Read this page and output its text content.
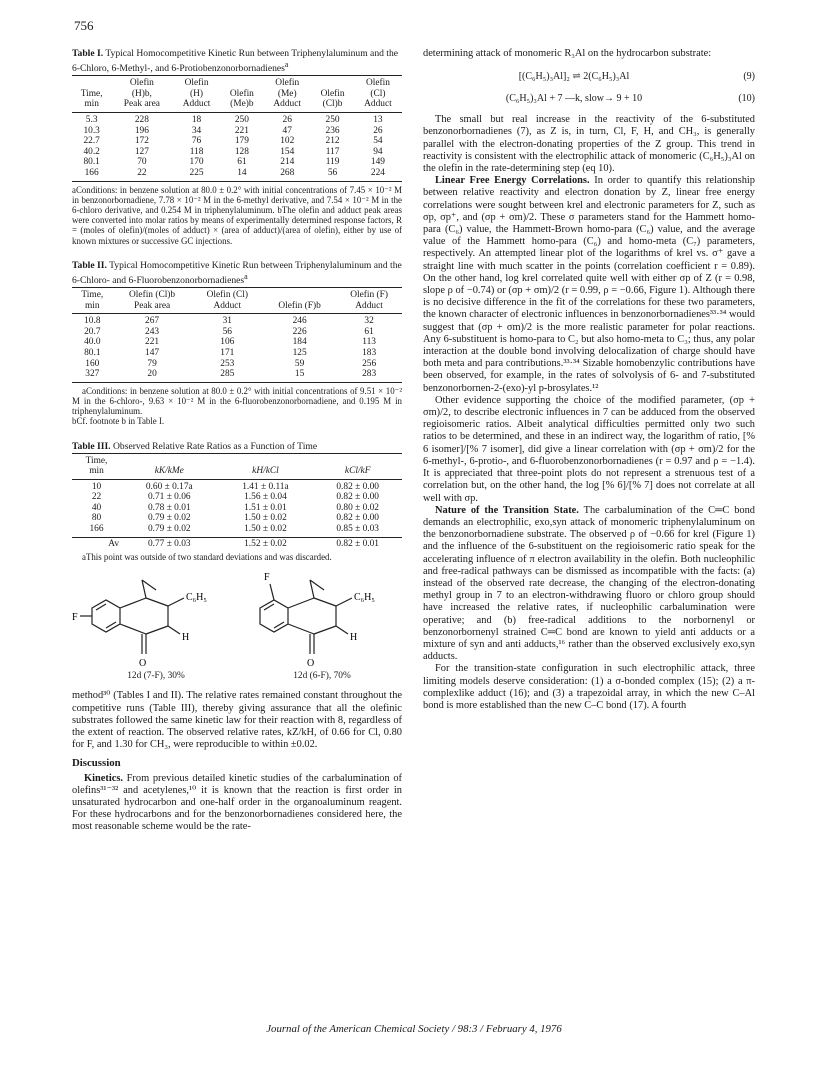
756
Table I. Typical Homocompetitive Kinetic Run between Triphenylaluminum and the 6-Chloro, 6-Methyl-, and 6-Protiobenzonorbornadienes$^a$
	Olefin	Olefin		Olefin		Olefin
Time,	(H)b,	(H)	Olefin	(Me)	Olefin	(Cl)
min	Peak area	Adduct	(Me)b	Adduct	(Cl)b	Adduct
5.3	228	18	250	26	250	13
10.3	196	34	221	47	236	26
22.7	172	76	179	102	212	54
40.2	127	118	128	154	117	94
80.1	70	170	61	214	119	149
166	22	225	14	268	56	224
aConditions: in benzene solution at 80.0 ± 0.2° with initial concentrations of 7.45 × 10⁻² M in benzonorbornadiene, 7.78 × 10⁻² M in the 6-methyl derivative, and 7.54 × 10⁻² M in the 6-chloro derivative, and 0.254 M in triphenylaluminum. bThe olefin and adduct peak areas were converted into molar ratios by means of experimentally determined response factors, R = (moles of olefin)/(moles of adduct) × (area of adduct)/(area of olefin), either by use of known mixtures or successive GC injections.
Table II. Typical Homocompetitive Kinetic Run between Triphenylaluminum and the 6-Chloro- and 6-Fluorobenzonorbornadienes$^a$
Time,	Olefin (Cl)b	Olefin (Cl)		Olefin (F)
min	Peak area	Adduct	Olefin (F)b	Adduct
10.8	267	31	246	32
20.7	243	56	226	61
40.0	221	106	184	113
80.1	147	171	125	183
160	79	253	59	256
327	20	285	15	283
aConditions: in benzene solution at 80.0 ± 0.2° with initial concentrations of 9.51 × 10⁻² M in the 6-chloro-, 9.63 × 10⁻² M in the 6-fluorobenzonorbornadiene, and 0.195 M in triphenylaluminum.
bCf. footnote b in Table I.
Table III. Observed Relative Rate Ratios as a Function of Time
Time,			
min	kK/kMe	kH/kCl	kCl/kF
10	0.60 ± 0.17a	1.41 ± 0.11a	0.82 ± 0.00
22	0.71 ± 0.06	1.56 ± 0.04	0.82 ± 0.00
40	0.78 ± 0.01	1.51 ± 0.01	0.80 ± 0.02
80	0.79 ± 0.02	1.50 ± 0.02	0.82 ± 0.00
166	0.79 ± 0.02	1.50 ± 0.02	0.85 ± 0.03
Av	0.77 ± 0.03	1.52 ± 0.02	0.82 ± 0.01
aThis point was outside of two standard deviations and was discarded.
F
C₆H₅
H
O
F
C₆H₅
H
O
12d (7-F), 30%	12d (6-F), 70%

method³⁰ (Tables I and II). The relative rates remained constant throughout the competitive runs (Table III), thereby giving assurance that all the olefinic substrates followed the same kinetic law for their reaction with 8, regardless of the extent of reaction. The observed relative rates, kZ/kH, of 0.66 for Cl, 0.80 for F, and 1.30 for CH₃, were reproducible to within ±0.02.

Discussion

Kinetics. From previous detailed kinetic studies of the carbalumination of olefins³¹⁻³² and acetylenes,¹⁰ it is known that the reaction is first order in unsaturated hydrocarbon and one-half order in the organoaluminum reagent. For these hydrocarbons and for the benzonorbornadienes considered here, the most reasonable scheme would be the rate-

determining attack of monomeric R₃Al on the hydrocarbon substrate:

[(C₆H₅)₃Al]₂ ⇌ 2(C₆H₅)₃Al	(9)
(C₆H₅)₃Al + 7 —k, slow→ 9 + 10	(10)

The small but real increase in the reactivity of the 6-substituted benzonorbornadienes (7), as Z is, in turn, Cl, F, H, and CH₃, is generally parallel with the electron-donating properties of the Z group. This trend in reactivity is consistent with the electrophilic attack of monomeric (C₆H₅)₃Al on the olefin in the rate-determining step (eq 10).

Linear Free Energy Correlations. In order to quantify this relationship between relative reactivity and electron donation by Z, linear free energy correlations were sought between krel and electronic parameters for Z, such as σp, σp⁺, and (σp + σm)/2. These σ parameters stand for the Hammett homo-para (C₆) value, the Hammett-Brown homo-para (C₆) value, and the average value of the Hammett homo-para (C₆) and homo-meta (C₇) parameters, respectively. An attempted linear plot of the logarithms of krel vs. σ⁺ gave a straight line with much scatter in the points (correlation coefficient r = 0.89). On the other hand, log krel correlated quite well with either σp of Z (r = 0.98, slope ρ of −0.74) or (σp + σm)/2 (r = 0.99, ρ = −0.66, Figure 1). Although there is no decisive difference in the fit of the correlations for these two parameters, the known character of electronic influences in benzonorbornadienes³³·³⁴ would suggest that (σp + σm)/2 is the more realistic parameter for polar reactions. Any 6-substituent is homo-para to C₂ but also homo-meta to C₃; thus, any polar interaction at the double bond involving delocalization of charge should have both meta and para contributions.³³·³⁴ Sizable homobenzylic contributions have been observed, for example, in the rates of solvolysis of 6- and 7-substituted benzonorbornen-2-(exo)-yl p-brosylates.¹²

Other evidence supporting the choice of the modified parameter, (σp + σm)/2, to describe electronic influences in 7 can be adduced from the observed regioisomeric ratios. Albeit analytical difficulties permitted only two such ratios to be determined, and these in an indirect way, the logarithm of ratio, [% 6 isomer]/[% 7 isomer], did give a linear correlation with (σp + σm)/2 for the 6-methyl-, 6-protio-, and 6-fluorobenzonorbornadienes (r = 0.97 and ρ = −1.4). It is appreciated that three-point plots do not represent a strenuous test of a correlation but, on the other hand, the log [% 6]/[% 7] does not correlate at all well with σp.

Nature of the Transition State. The carbalumination of the C═C bond demands an electrophilic, exo,syn attack of monomeric triphenylaluminum on the benzonorbornadiene substrate. The observed ρ of −0.66 for krel (Figure 1) and the influence of the 6-substituent on the regioisomeric ratio speak for the accelerating influence of π electron availability in the olefin. Both nucleophilic and free-radical pathways can be dismissed as incompatible with the facts: (a) instead of the observed rate decrease, the changing of the electron-donating methyl group in 7 to an electron-withdrawing fluoro or chloro group should have increased the relative rates, if nucleophilic carbalumination were operative; and (b) free-radical additions to the norbornenyl or benzonorbornenyl strained C═C bond are known to yield anti adducts or a mixture of syn and anti adducts,¹⁶ rather than the observed exclusively exo,syn adducts.

For the transition-state configuration in such electrophilic attack, three limiting models deserve consideration: (1) a σ-bonded complex (15); (2) a π-complexlike adduct (16); and (3) a trapezoidal array, in which the new C–Al bond is more established than the new C–C bond (17). A fourth

Journal of the American Chemical Society / 98:3 / February 4, 1976
